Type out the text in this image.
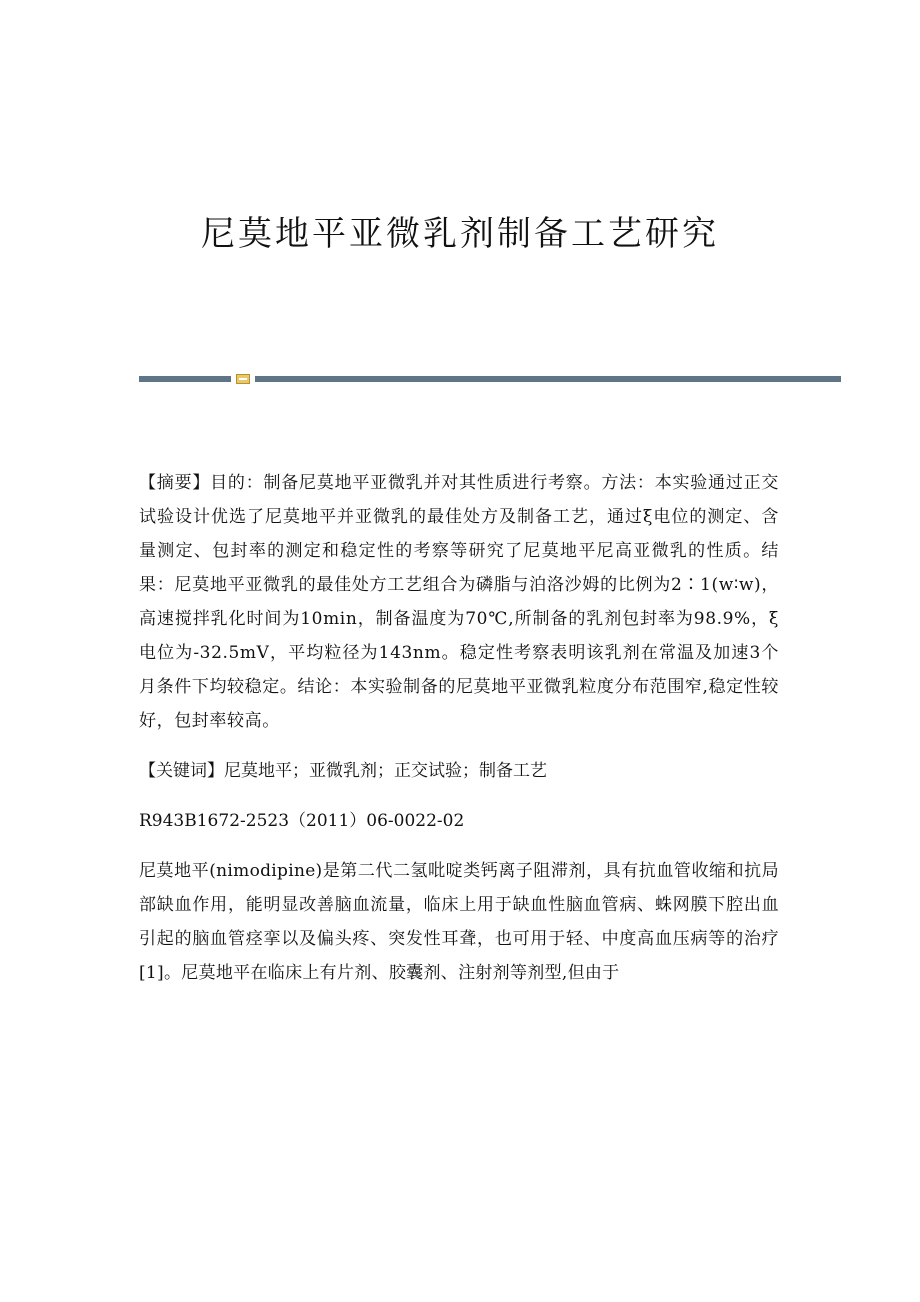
尼莫地平亚微乳剂制备工艺研究

【摘要】目的：制备尼莫地平亚微乳并对其性质进行考察。方法：本实验通过正交试验设计优选了尼莫地平并亚微乳的最佳处方及制备工艺，通过ξ电位的测定、含量测定、包封率的测定和稳定性的考察等研究了尼莫地平尼高亚微乳的性质。结果：尼莫地平亚微乳的最佳处方工艺组合为磷脂与泊洛沙姆的比例为2∶1(w∶w)，高速搅拌乳化时间为10min，制备温度为70℃,所制备的乳剂包封率为98.9%，ξ电位为-32.5mV，平均粒径为143nm。稳定性考察表明该乳剂在常温及加速3个月条件下均较稳定。结论：本实验制备的尼莫地平亚微乳粒度分布范围窄,稳定性较好，包封率较高。

【关键词】尼莫地平；亚微乳剂；正交试验；制备工艺

R943B1672-2523（2011）06-0022-02

尼莫地平(nimodipine)是第二代二氢吡啶类钙离子阻滞剂，具有抗血管收缩和抗局部缺血作用，能明显改善脑血流量，临床上用于缺血性脑血管病、蛛网膜下腔出血引起的脑血管痉挛以及偏头疼、突发性耳聋，也可用于轻、中度高血压病等的治疗[1]。尼莫地平在临床上有片剂、胶囊剂、注射剂等剂型,但由于
